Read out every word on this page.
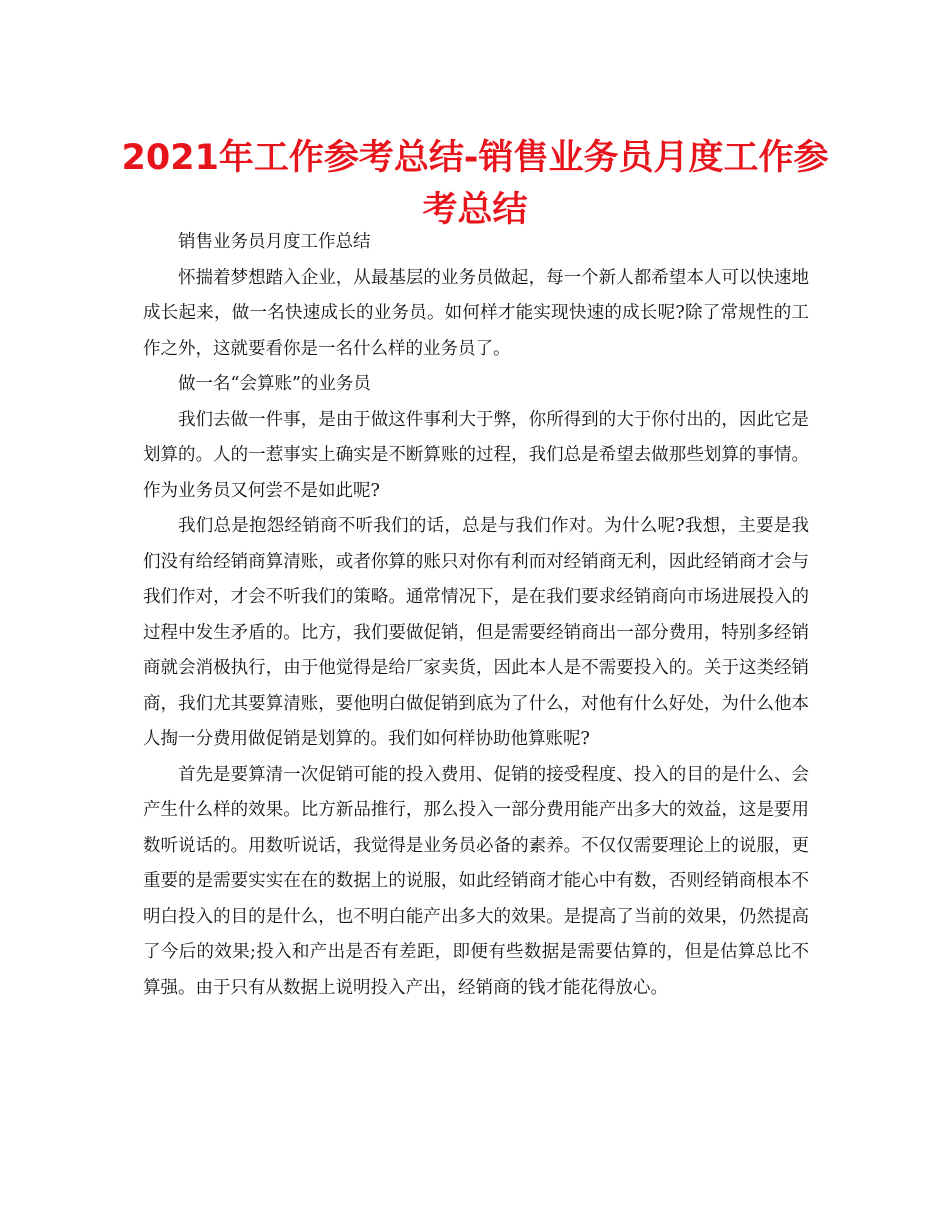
2021年工作参考总结-销售业务员月度工作参考总结

销售业务员月度工作总结

怀揣着梦想踏入企业，从最基层的业务员做起，每一个新人都希望本人可以快速地成长起来，做一名快速成长的业务员。如何样才能实现快速的成长呢?除了常规性的工作之外，这就要看你是一名什么样的业务员了。

做一名“会算账”的业务员

我们去做一件事，是由于做这件事利大于弊，你所得到的大于你付出的，因此它是划算的。人的一惹事实上确实是不断算账的过程，我们总是希望去做那些划算的事情。作为业务员又何尝不是如此呢?

我们总是抱怨经销商不听我们的话，总是与我们作对。为什么呢?我想，主要是我们没有给经销商算清账，或者你算的账只对你有利而对经销商无利，因此经销商才会与我们作对，才会不听我们的策略。通常情况下，是在我们要求经销商向市场进展投入的过程中发生矛盾的。比方，我们要做促销，但是需要经销商出一部分费用，特别多经销商就会消极执行，由于他觉得是给厂家卖货，因此本人是不需要投入的。关于这类经销商，我们尤其要算清账，要他明白做促销到底为了什么，对他有什么好处，为什么他本人掏一分费用做促销是划算的。我们如何样协助他算账呢?

首先是要算清一次促销可能的投入费用、促销的接受程度、投入的目的是什么、会产生什么样的效果。比方新品推行，那么投入一部分费用能产出多大的效益，这是要用数听说话的。用数听说话，我觉得是业务员必备的素养。不仅仅需要理论上的说服，更重要的是需要实实在在的数据上的说服，如此经销商才能心中有数，否则经销商根本不明白投入的目的是什么，也不明白能产出多大的效果。是提高了当前的效果，仍然提高了今后的效果;投入和产出是否有差距，即便有些数据是需要估算的，但是估算总比不算强。由于只有从数据上说明投入产出，经销商的钱才能花得放心。
